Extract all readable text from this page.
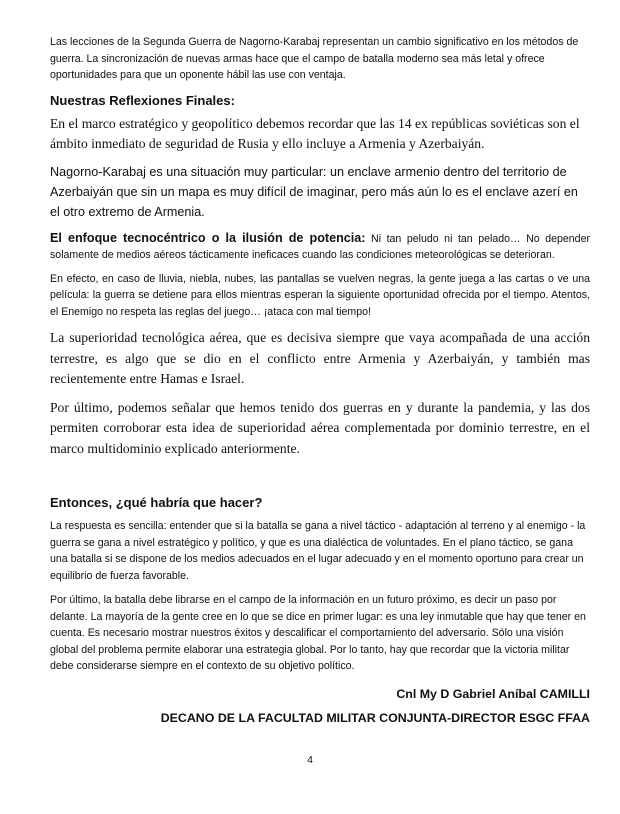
Las lecciones de la Segunda Guerra de Nagorno-Karabaj representan un cambio significativo en los métodos de guerra. La sincronización de nuevas armas hace que el campo de batalla moderno sea más letal y ofrece oportunidades para que un oponente hábil las use con ventaja.

Nuestras Reflexiones Finales:

En el marco estratégico y geopolítico debemos recordar que las 14 ex repúblicas soviéticas son el ámbito inmediato de seguridad de Rusia y ello incluye a Armenia y Azerbaiyán.

Nagorno-Karabaj es una situación muy particular: un enclave armenio dentro del territorio de Azerbaiyán que sin un mapa es muy difícil de imaginar, pero más aún lo es el enclave azerí en el otro extremo de Armenia.

El enfoque tecnocéntrico o la ilusión de potencia: Ni tan peludo ni tan pelado… No depender solamente de medios aéreos tácticamente ineficaces cuando las condiciones meteorológicas se deterioran.

En efecto, en caso de lluvia, niebla, nubes, las pantallas se vuelven negras, la gente juega a las cartas o ve una película: la guerra se detiene para ellos mientras esperan la siguiente oportunidad ofrecida por el tiempo. Atentos, el Enemigo no respeta las reglas del juego… ¡ataca con mal tiempo!

La superioridad tecnológica aérea, que es decisiva siempre que vaya acompañada de una acción terrestre, es algo que se dio en el conflicto entre Armenia y Azerbaiyán, y también mas recientemente entre Hamas e Israel.

Por último, podemos señalar que hemos tenido dos guerras en y durante la pandemia, y las dos permiten corroborar esta idea de superioridad aérea complementada por dominio terrestre, en el marco multidominio explicado anteriormente.

Entonces, ¿qué habría que hacer?

La respuesta es sencilla: entender que si la batalla se gana a nivel táctico - adaptación al terreno y al enemigo - la guerra se gana a nivel estratégico y político, y que es una dialéctica de voluntades. En el plano táctico, se gana una batalla si se dispone de los medios adecuados en el lugar adecuado y en el momento oportuno para crear un equilibrio de fuerza favorable.

Por último, la batalla debe librarse en el campo de la información en un futuro próximo, es decir un paso por delante. La mayoría de la gente cree en lo que se dice en primer lugar: es una ley inmutable que hay que tener en cuenta. Es necesario mostrar nuestros éxitos y descalificar el comportamiento del adversario. Sólo una visión global del problema permite elaborar una estrategia global. Por lo tanto, hay que recordar que la victoria militar debe considerarse siempre en el contexto de su objetivo político.

Cnl My D Gabriel Aníbal CAMILLI

DECANO DE LA FACULTAD MILITAR CONJUNTA-DIRECTOR ESGC FFAA

4
